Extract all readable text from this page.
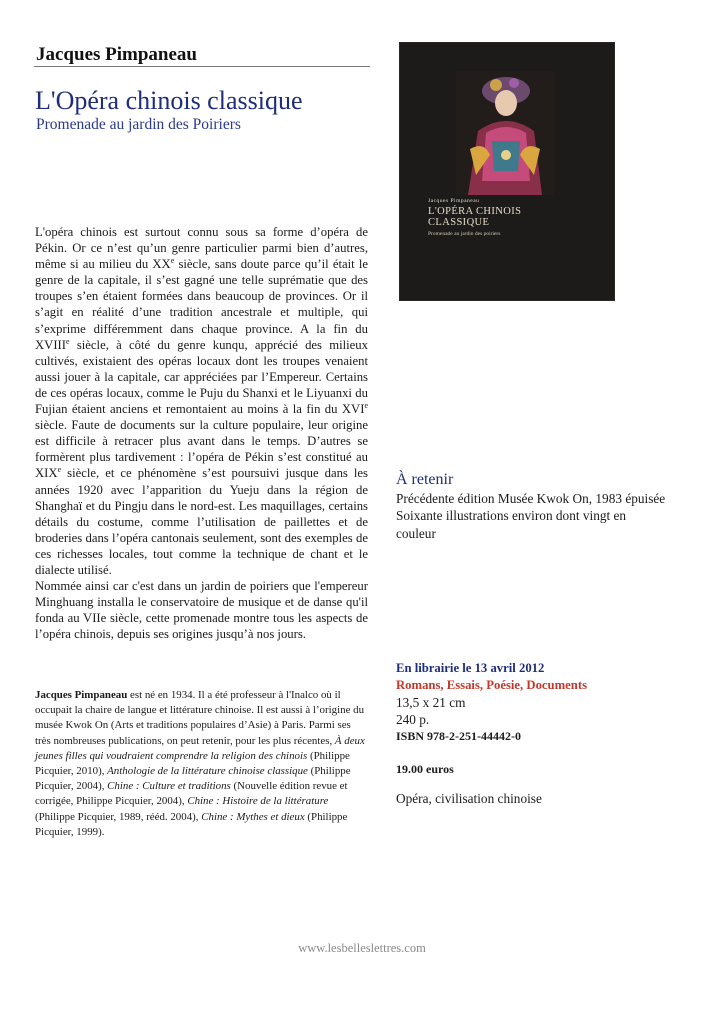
Jacques Pimpaneau
L'Opéra chinois classique
Promenade au jardin des Poiriers

L'opéra chinois est surtout connu sous sa forme d’opéra de Pékin. Or ce n’est qu’un genre particulier parmi bien d’autres, même si au milieu du XXe siècle, sans doute parce qu’il était le genre de la capitale, il s’est gagné une telle suprématie que des troupes s’en étaient formées dans beaucoup de provinces. Or il s’agit en réalité d’une tradition ancestrale et multiple, qui s’exprime différemment dans chaque province. A la fin du XVIIIe siècle, à côté du genre kunqu, apprécié des milieux cultivés, existaient des opéras locaux dont les troupes venaient aussi jouer à la capitale, car appréciées par l’Empereur. Certains de ces opéras locaux, comme le Puju du Shanxi et le Liyuanxi du Fujian étaient anciens et remontaient au moins à la fin du XVIe siècle. Faute de documents sur la culture populaire, leur origine est difficile à retracer plus avant dans le temps. D’autres se formèrent plus tardivement : l’opéra de Pékin s’est constitué au XIXe siècle, et ce phénomène s’est poursuivi jusque dans les années 1920 avec l’apparition du Yueju dans la région de Shanghaï et du Pingju dans le nord-est. Les maquillages, certains détails du costume, comme l’utilisation de paillettes et de broderies dans l’opéra cantonais seulement, sont des exemples de ces richesses locales, tout comme la technique de chant et le dialecte utilisé.

Nommée ainsi car c'est dans un jardin de poiriers que l'empereur Minghuang installa le conservatoire de musique et de danse qu'il fonda au VIIe siècle, cette promenade montre tous les aspects de l’opéra chinois, depuis ses origines jusqu’à nos jours.

Jacques Pimpaneau est né en 1934. Il a été professeur à l'Inalco où il occupait la chaire de langue et littérature chinoise. Il est aussi à l’origine du musée Kwok On (Arts et traditions populaires d’Asie) à Paris. Parmi ses très nombreuses publications, on peut retenir, pour les plus récentes, À deux jeunes filles qui voudraient comprendre la religion des chinois (Philippe Picquier, 2010), Anthologie de la littérature chinoise classique (Philippe Picquier, 2004), Chine : Culture et traditions (Nouvelle édition revue et corrigée, Philippe Picquier, 2004), Chine : Histoire de la littérature (Philippe Picquier, 1989, rééd. 2004), Chine : Mythes et dieux (Philippe Picquier, 1999).
Jacques Pimpaneau
L'OPÉRA CHINOIS
CLASSIQUE
Promenade au jardin des poiriers
À retenir

Précédente édition Musée Kwok On, 1983 épuisée

Soixante illustrations environ dont vingt en couleur

En librairie le 13 avril 2012

Romans, Essais, Poésie, Documents

13,5 x 21 cm

240 p.

ISBN 978-2-251-44442-0

19.00 euros

Opéra, civilisation chinoise

www.lesbelleslettres.com
